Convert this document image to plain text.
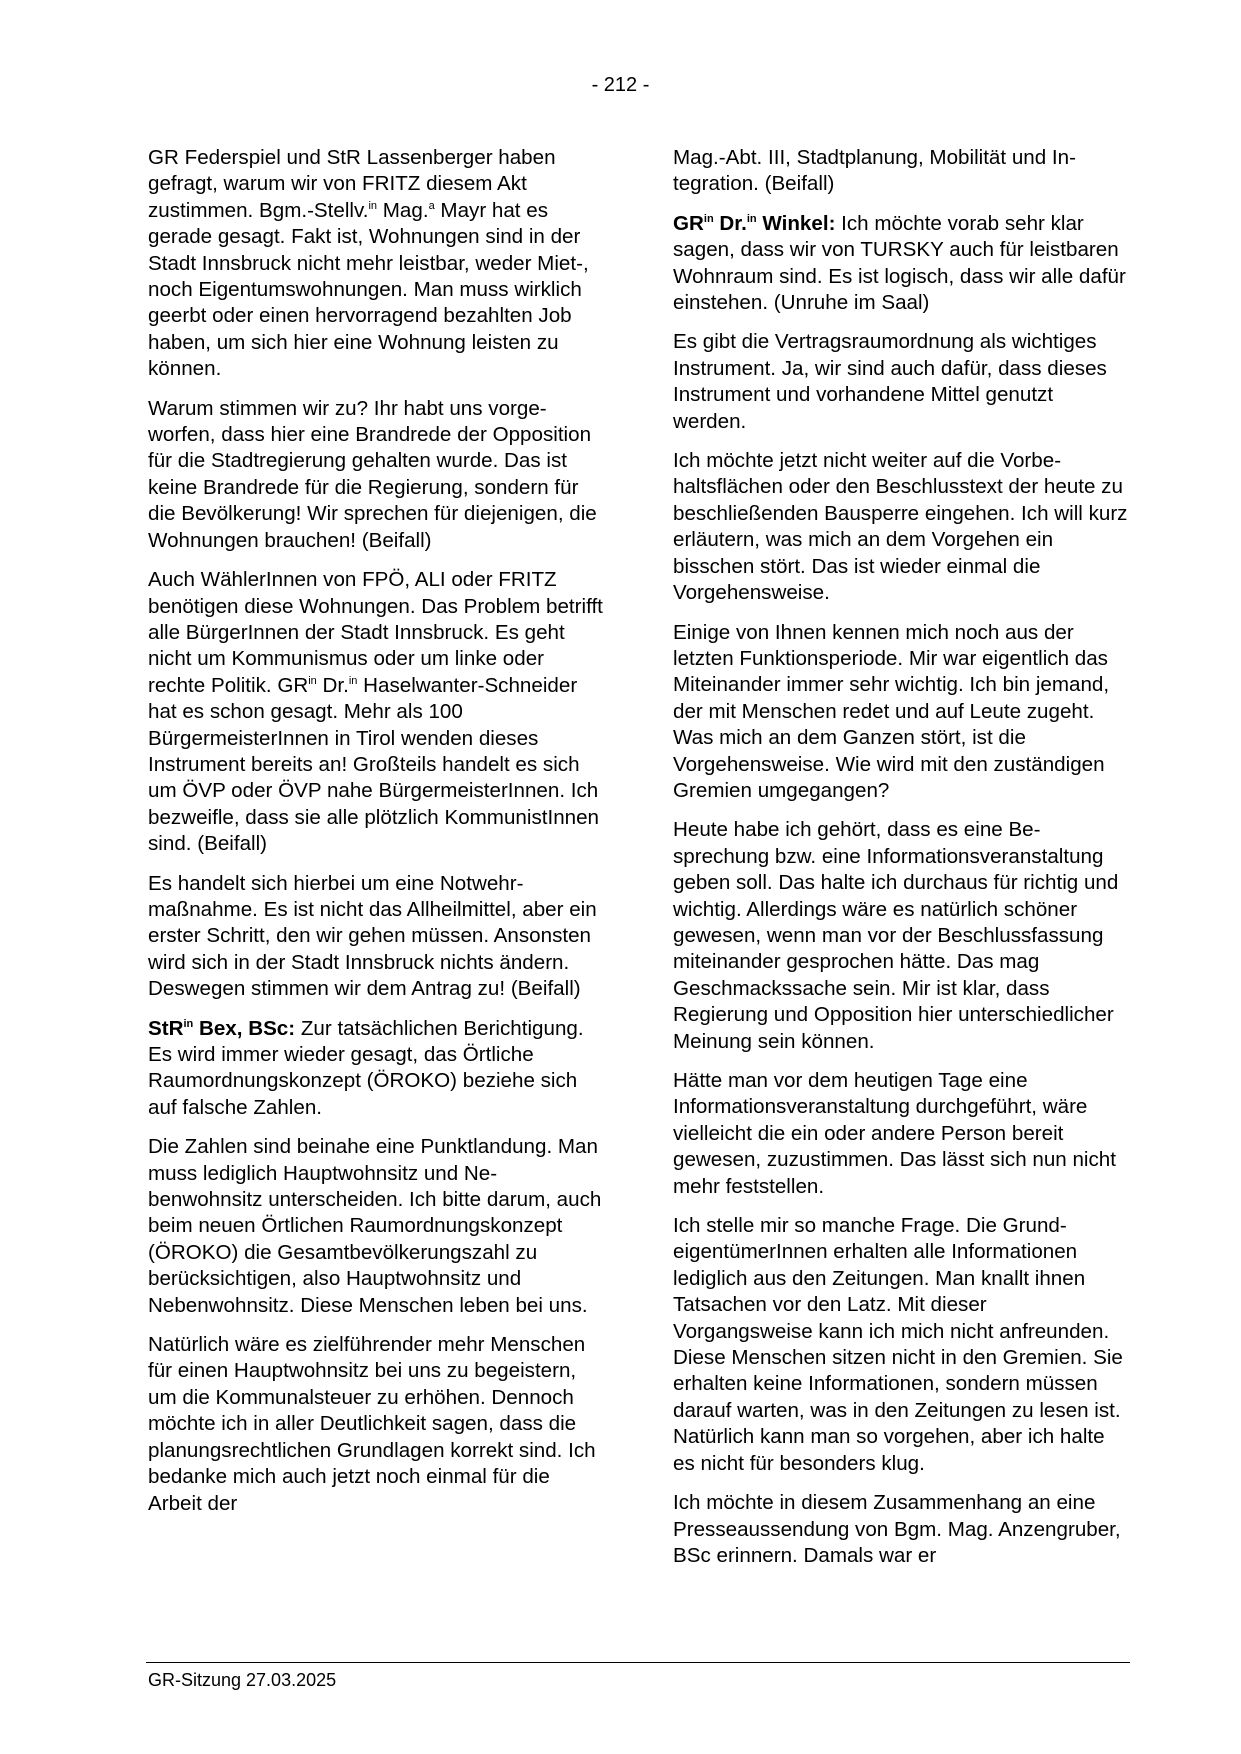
- 212 -

GR Federspiel und StR Lassenberger haben gefragt, warum wir von FRITZ diesem Akt zustimmen. Bgm.-Stellv.$^{in}$ Mag.$^a$ Mayr hat es gerade gesagt. Fakt ist, Wohnungen sind in der Stadt Innsbruck nicht mehr leistbar, weder Miet-, noch Eigentumswohnungen. Man muss wirklich geerbt oder einen hervorragend bezahlten Job haben, um sich hier eine Wohnung leisten zu können.

Warum stimmen wir zu? Ihr habt uns vorgeworfen, dass hier eine Brandrede der Opposition für die Stadtregierung gehalten wurde. Das ist keine Brandrede für die Regierung, sondern für die Bevölkerung! Wir sprechen für diejenigen, die Wohnungen brauchen! (Beifall)

Auch WählerInnen von FPÖ, ALI oder FRITZ benötigen diese Wohnungen. Das Problem betrifft alle BürgerInnen der Stadt Innsbruck. Es geht nicht um Kommunismus oder um linke oder rechte Politik. $GR^{in}$ Dr.$^{in}$ Haselwanter-Schneider hat es schon gesagt. Mehr als 100 BürgermeisterInnen in Tirol wenden dieses Instrument bereits an! Großteils handelt es sich um ÖVP oder ÖVP nahe BürgermeisterInnen. Ich bezweifle, dass sie alle plötzlich KommunistInnen sind. (Beifall)

Es handelt sich hierbei um eine Notwehrmaßnahme. Es ist nicht das Allheilmittel, aber ein erster Schritt, den wir gehen müssen. Ansonsten wird sich in der Stadt Innsbruck nichts ändern. Deswegen stimmen wir dem Antrag zu! (Beifall)

StR$^{in}$ Bex, BSc: Zur tatsächlichen Berichtigung. Es wird immer wieder gesagt, das Örtliche Raumordnungskonzept (ÖROKO) beziehe sich auf falsche Zahlen.

Die Zahlen sind beinahe eine Punktlandung. Man muss lediglich Hauptwohnsitz und Nebenwohnsitz unterscheiden. Ich bitte darum, auch beim neuen Örtlichen Raumordnungskonzept (ÖROKO) die Gesamtbevölkerungszahl zu berücksichtigen, also Hauptwohnsitz und Nebenwohnsitz. Diese Menschen leben bei uns.

Natürlich wäre es zielführender mehr Menschen für einen Hauptwohnsitz bei uns zu begeistern, um die Kommunalsteuer zu erhöhen. Dennoch möchte ich in aller Deutlichkeit sagen, dass die planungsrechtlichen Grundlagen korrekt sind. Ich bedanke mich auch jetzt noch einmal für die Arbeit der

Mag.-Abt. III, Stadtplanung, Mobilität und Integration. (Beifall)

$GR^{in}$ Dr.$^{in}$ Winkel: Ich möchte vorab sehr klar sagen, dass wir von TURSKY auch für leistbaren Wohnraum sind. Es ist logisch, dass wir alle dafür einstehen. (Unruhe im Saal)

Es gibt die Vertragsraumordnung als wichtiges Instrument. Ja, wir sind auch dafür, dass dieses Instrument und vorhandene Mittel genutzt werden.

Ich möchte jetzt nicht weiter auf die Vorbehaltsflächen oder den Beschlusstext der heute zu beschließenden Bausperre eingehen. Ich will kurz erläutern, was mich an dem Vorgehen ein bisschen stört. Das ist wieder einmal die Vorgehensweise.

Einige von Ihnen kennen mich noch aus der letzten Funktionsperiode. Mir war eigentlich das Miteinander immer sehr wichtig. Ich bin jemand, der mit Menschen redet und auf Leute zugeht. Was mich an dem Ganzen stört, ist die Vorgehensweise. Wie wird mit den zuständigen Gremien umgegangen?

Heute habe ich gehört, dass es eine Besprechung bzw. eine Informationsveranstaltung geben soll. Das halte ich durchaus für richtig und wichtig. Allerdings wäre es natürlich schöner gewesen, wenn man vor der Beschlussfassung miteinander gesprochen hätte. Das mag Geschmackssache sein. Mir ist klar, dass Regierung und Opposition hier unterschiedlicher Meinung sein können.

Hätte man vor dem heutigen Tage eine Informationsveranstaltung durchgeführt, wäre vielleicht die ein oder andere Person bereit gewesen, zuzustimmen. Das lässt sich nun nicht mehr feststellen.

Ich stelle mir so manche Frage. Die GrundeigentümerInnen erhalten alle Informationen lediglich aus den Zeitungen. Man knallt ihnen Tatsachen vor den Latz. Mit dieser Vorgangsweise kann ich mich nicht anfreunden. Diese Menschen sitzen nicht in den Gremien. Sie erhalten keine Informationen, sondern müssen darauf warten, was in den Zeitungen zu lesen ist. Natürlich kann man so vorgehen, aber ich halte es nicht für besonders klug.

Ich möchte in diesem Zusammenhang an eine Presseaussendung von Bgm. Mag. Anzengruber, BSc erinnern. Damals war er

GR-Sitzung 27.03.2025
